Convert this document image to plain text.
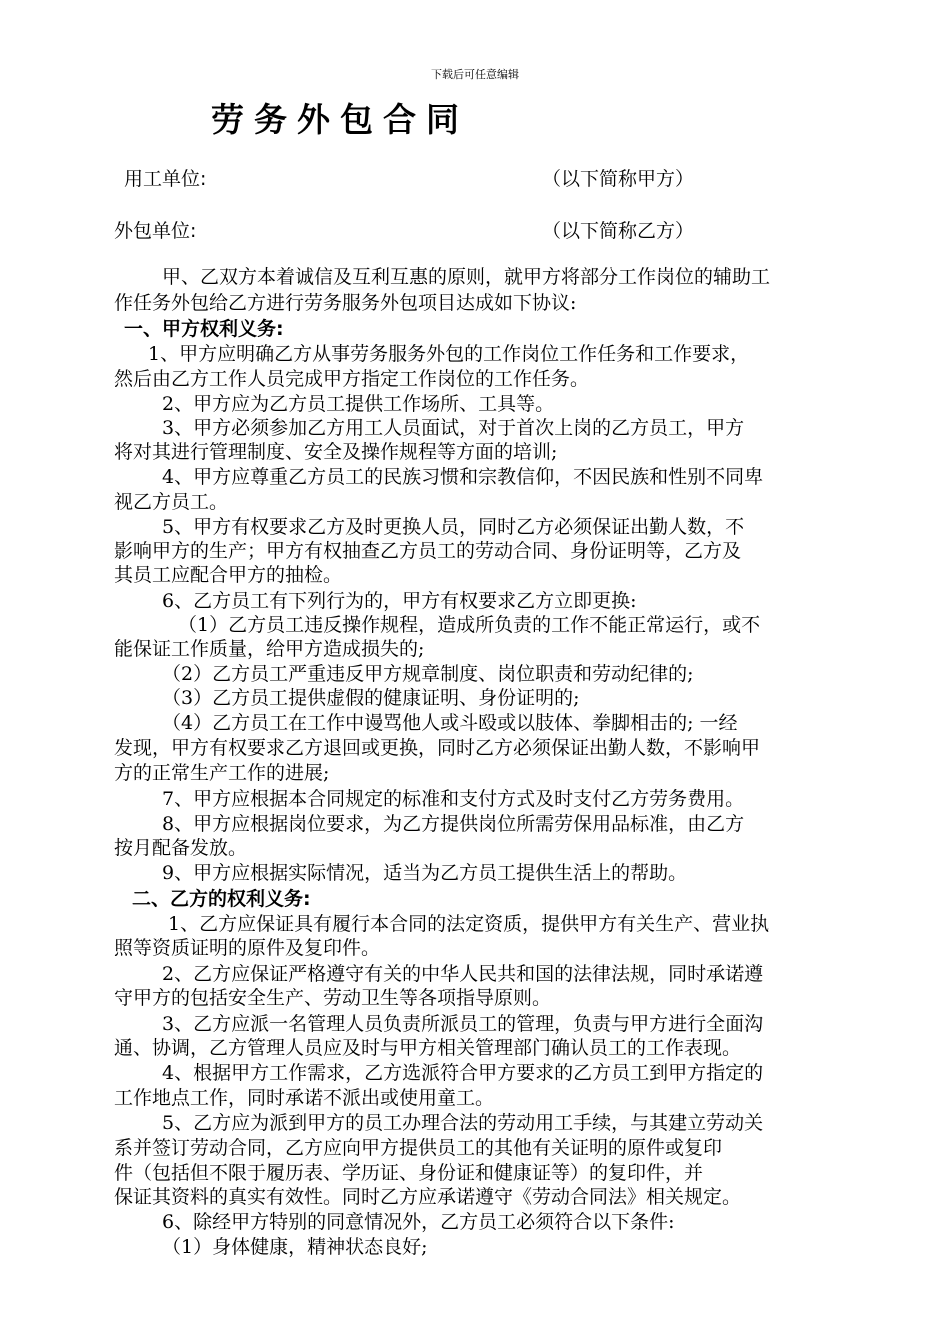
下载后可任意编辑
劳务外包合同
用工单位:	（以下简称甲方）
外包单位:	（以下简称乙方）
甲、乙双方本着诚信及互利互惠的原则，就甲方将部分工作岗位的辅助工
作任务外包给乙方进行劳务服务外包项目达成如下协议:
一、甲方权利义务:
1、甲方应明确乙方从事劳务服务外包的工作岗位工作任务和工作要求，
然后由乙方工作人员完成甲方指定工作岗位的工作任务。
2、甲方应为乙方员工提供工作场所、工具等。
3、甲方必须参加乙方用工人员面试，对于首次上岗的乙方员工，甲方
将对其进行管理制度、安全及操作规程等方面的培训;
4、甲方应尊重乙方员工的民族习惯和宗教信仰，不因民族和性别不同卑
视乙方员工。
5、甲方有权要求乙方及时更换人员，同时乙方必须保证出勤人数，不
影响甲方的生产；甲方有权抽查乙方员工的劳动合同、身份证明等，乙方及
其员工应配合甲方的抽检。
6、乙方员工有下列行为的，甲方有权要求乙方立即更换:
（1）乙方员工违反操作规程，造成所负责的工作不能正常运行，或不
能保证工作质量，给甲方造成损失的;
（2）乙方员工严重违反甲方规章制度、岗位职责和劳动纪律的;
（3）乙方员工提供虚假的健康证明、身份证明的;
（4）乙方员工在工作中谩骂他人或斗殴或以肢体、拳脚相击的; 一经
发现，甲方有权要求乙方退回或更换，同时乙方必须保证出勤人数，不影响甲
方的正常生产工作的进展;
7、甲方应根据本合同规定的标准和支付方式及时支付乙方劳务费用。
8、甲方应根据岗位要求，为乙方提供岗位所需劳保用品标准，由乙方
按月配备发放。
9、甲方应根据实际情况，适当为乙方员工提供生活上的帮助。
二、乙方的权利义务:
1、乙方应保证具有履行本合同的法定资质，提供甲方有关生产、营业执
照等资质证明的原件及复印件。
2、乙方应保证严格遵守有关的中华人民共和国的法律法规，同时承诺遵
守甲方的包括安全生产、劳动卫生等各项指导原则。
3、乙方应派一名管理人员负责所派员工的管理，负责与甲方进行全面沟
通、协调，乙方管理人员应及时与甲方相关管理部门确认员工的工作表现。
4、根据甲方工作需求，乙方选派符合甲方要求的乙方员工到甲方指定的
工作地点工作，同时承诺不派出或使用童工。
5、乙方应为派到甲方的员工办理合法的劳动用工手续，与其建立劳动关
系并签订劳动合同，乙方应向甲方提供员工的其他有关证明的原件或复印
件（包括但不限于履历表、学历证、身份证和健康证等）的复印件，并
保证其资料的真实有效性。同时乙方应承诺遵守《劳动合同法》相关规定。
6、除经甲方特别的同意情况外，乙方员工必须符合以下条件:
（1）身体健康，精神状态良好;
